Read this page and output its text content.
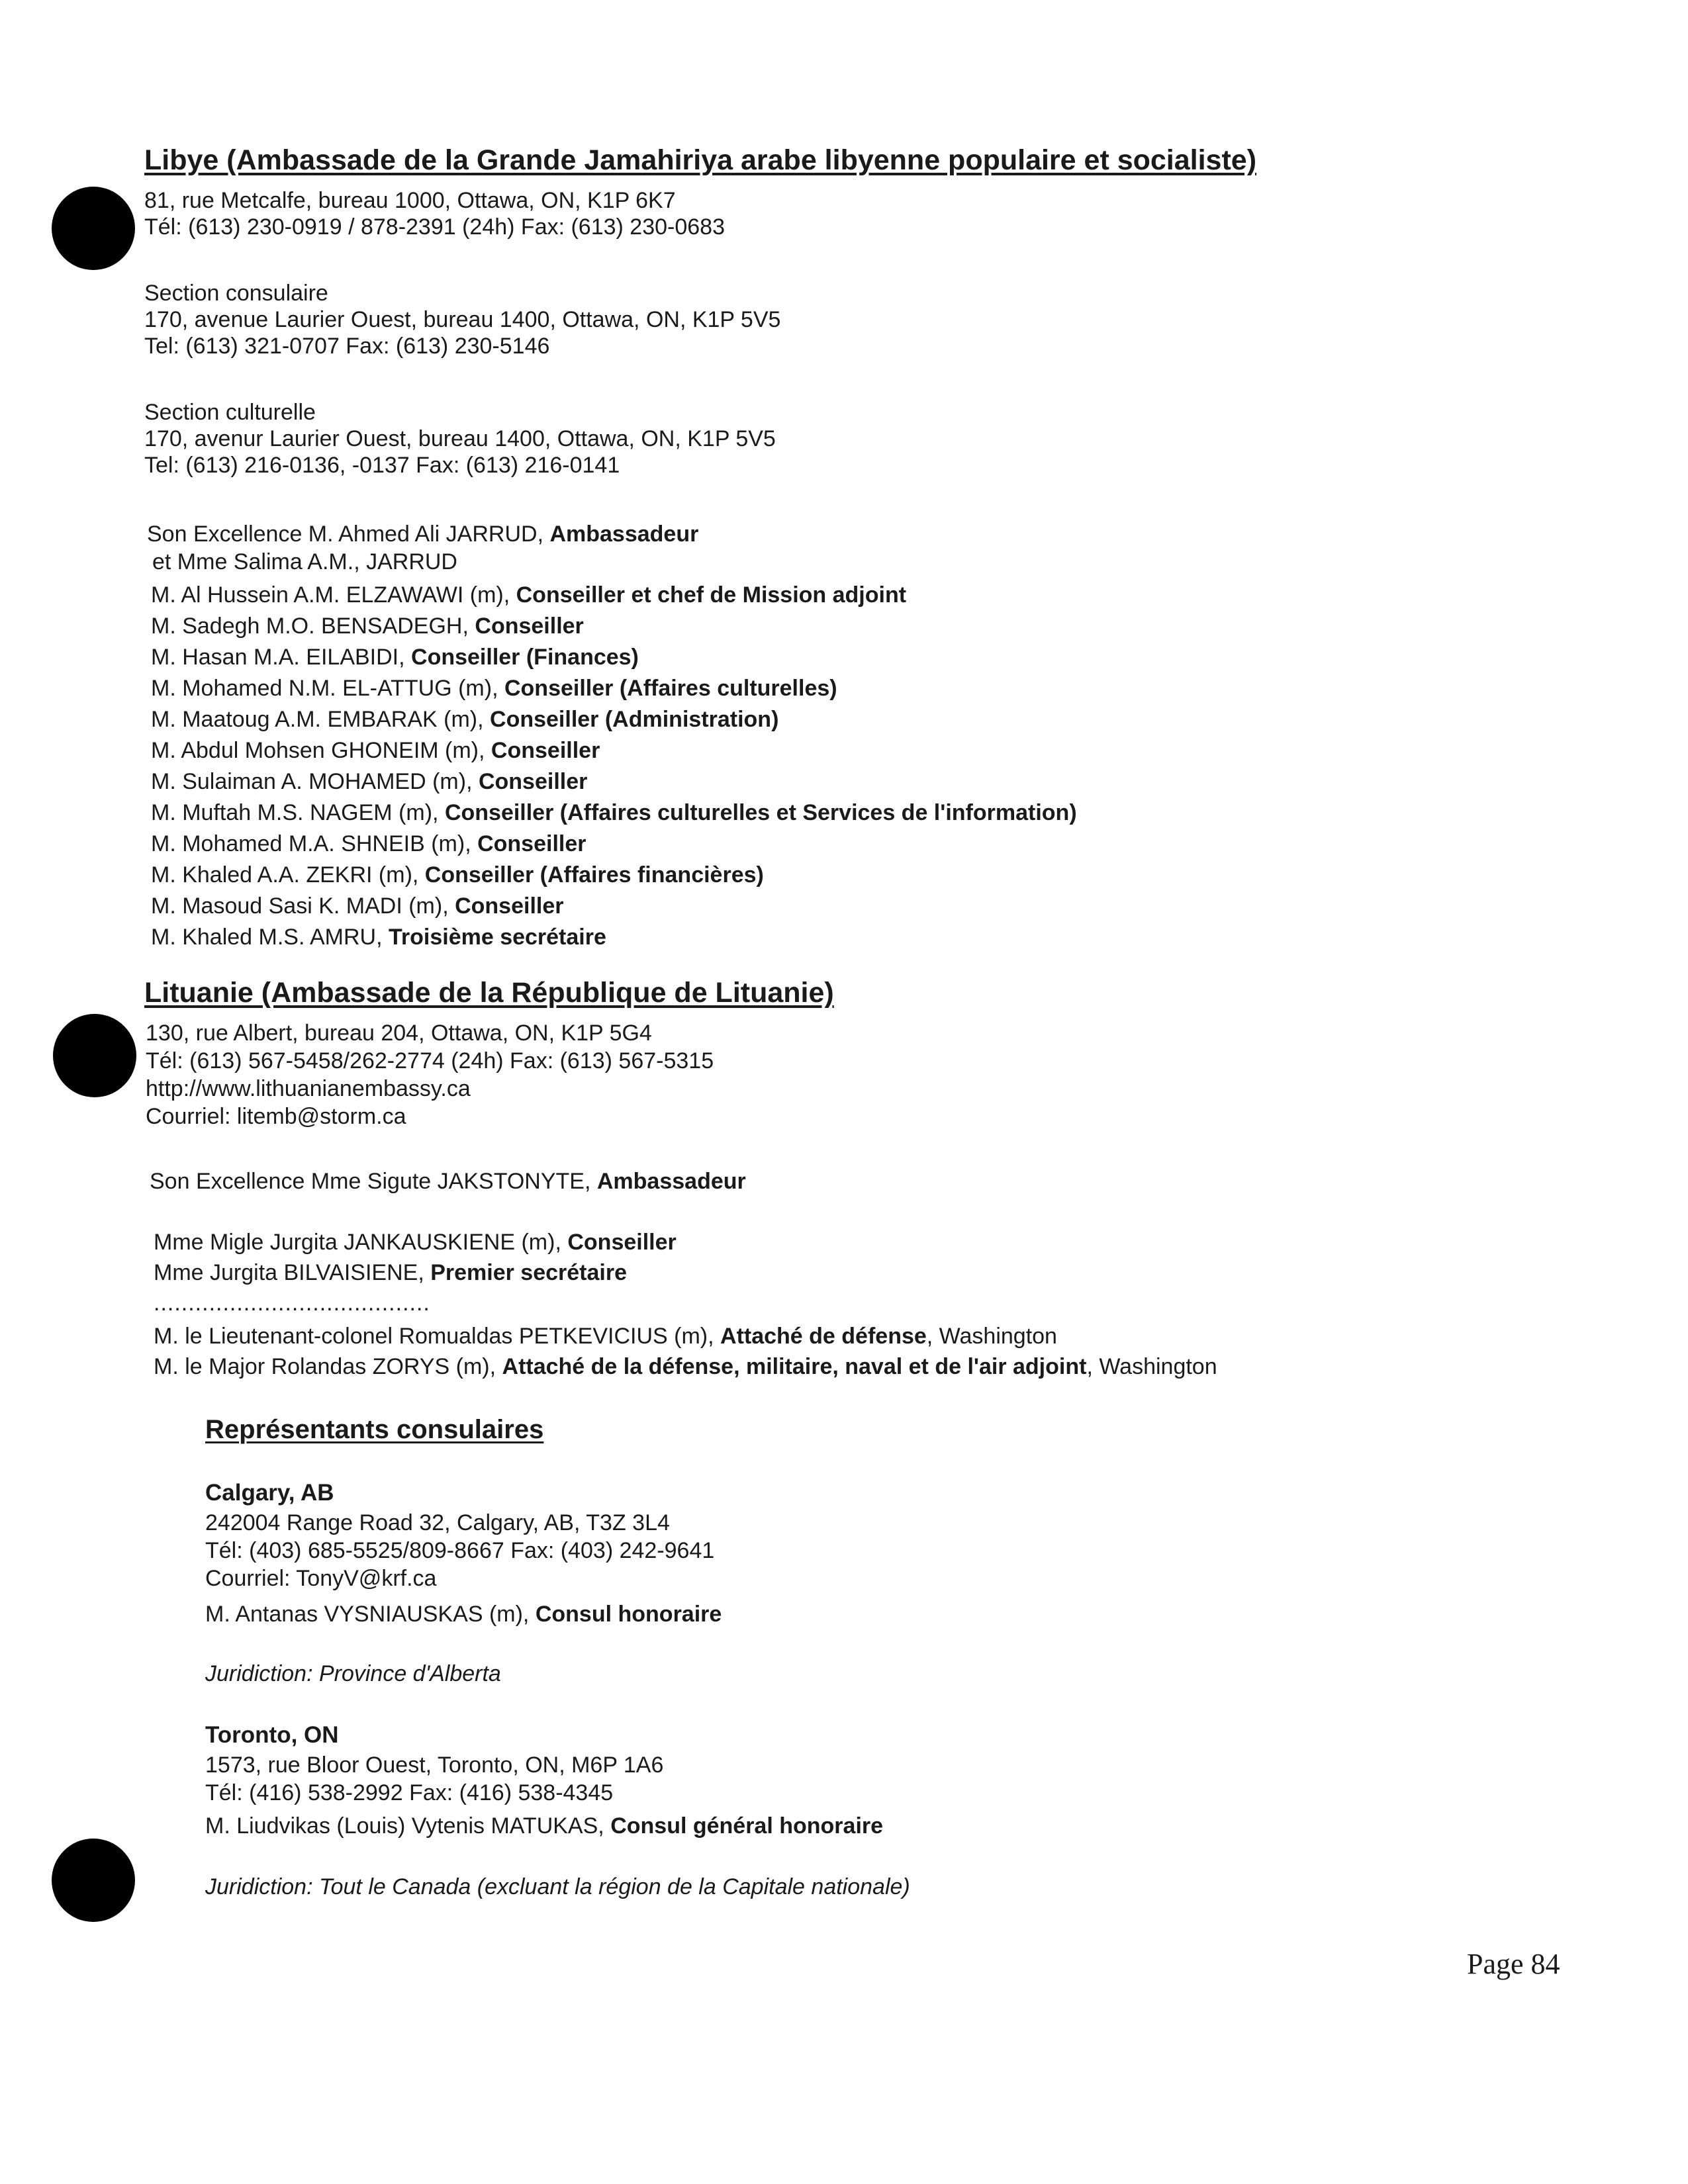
Libye (Ambassade de la Grande Jamahiriya arabe libyenne populaire et socialiste)
81, rue Metcalfe, bureau 1000, Ottawa, ON, K1P 6K7
Tél: (613) 230-0919 / 878-2391 (24h) Fax: (613) 230-0683
Section consulaire
170, avenue Laurier Ouest, bureau 1400, Ottawa, ON, K1P 5V5
Tel: (613) 321-0707 Fax: (613) 230-5146
Section culturelle
170, avenur Laurier Ouest, bureau 1400, Ottawa, ON, K1P 5V5
Tel: (613) 216-0136, -0137 Fax: (613) 216-0141
Son Excellence M. Ahmed Ali JARRUD, Ambassadeur
et Mme Salima A.M., JARRUD
M. Al Hussein A.M. ELZAWAWI (m), Conseiller et chef de Mission adjoint
M. Sadegh M.O. BENSADEGH, Conseiller
M. Hasan M.A. EILABIDI, Conseiller (Finances)
M. Mohamed N.M. EL-ATTUG (m), Conseiller (Affaires culturelles)
M. Maatoug A.M. EMBARAK (m), Conseiller (Administration)
M. Abdul Mohsen GHONEIM (m), Conseiller
M. Sulaiman A. MOHAMED (m), Conseiller
M. Muftah M.S. NAGEM (m), Conseiller (Affaires culturelles et Services de l'information)
M. Mohamed M.A. SHNEIB (m), Conseiller
M. Khaled A.A. ZEKRI (m), Conseiller (Affaires financières)
M. Masoud Sasi K. MADI (m), Conseiller
M. Khaled M.S. AMRU, Troisième secrétaire
Lituanie (Ambassade de la République de Lituanie)
130, rue Albert, bureau 204, Ottawa, ON, K1P 5G4
Tél: (613) 567-5458/262-2774 (24h) Fax: (613) 567-5315
http://www.lithuanianembassy.ca
Courriel: litemb@storm.ca
Son Excellence Mme Sigute JAKSTONYTE, Ambassadeur
Mme Migle Jurgita JANKAUSKIENE (m), Conseiller
Mme Jurgita BILVAISIENE, Premier secrétaire
........................................
M. le Lieutenant-colonel Romualdas PETKEVICIUS (m), Attaché de défense, Washington
M. le Major Rolandas ZORYS (m), Attaché de la défense, militaire, naval et de l'air adjoint, Washington
Représentants consulaires
Calgary, AB
242004 Range Road 32, Calgary, AB, T3Z 3L4
Tél: (403) 685-5525/809-8667 Fax: (403) 242-9641
Courriel: TonyV@krf.ca
M. Antanas VYSNIAUSKAS (m), Consul honoraire
Juridiction: Province d'Alberta
Toronto, ON
1573, rue Bloor Ouest, Toronto, ON, M6P 1A6
Tél: (416) 538-2992 Fax: (416) 538-4345
M. Liudvikas (Louis) Vytenis MATUKAS, Consul général honoraire
Juridiction: Tout le Canada (excluant la région de la Capitale nationale)
Page 84
